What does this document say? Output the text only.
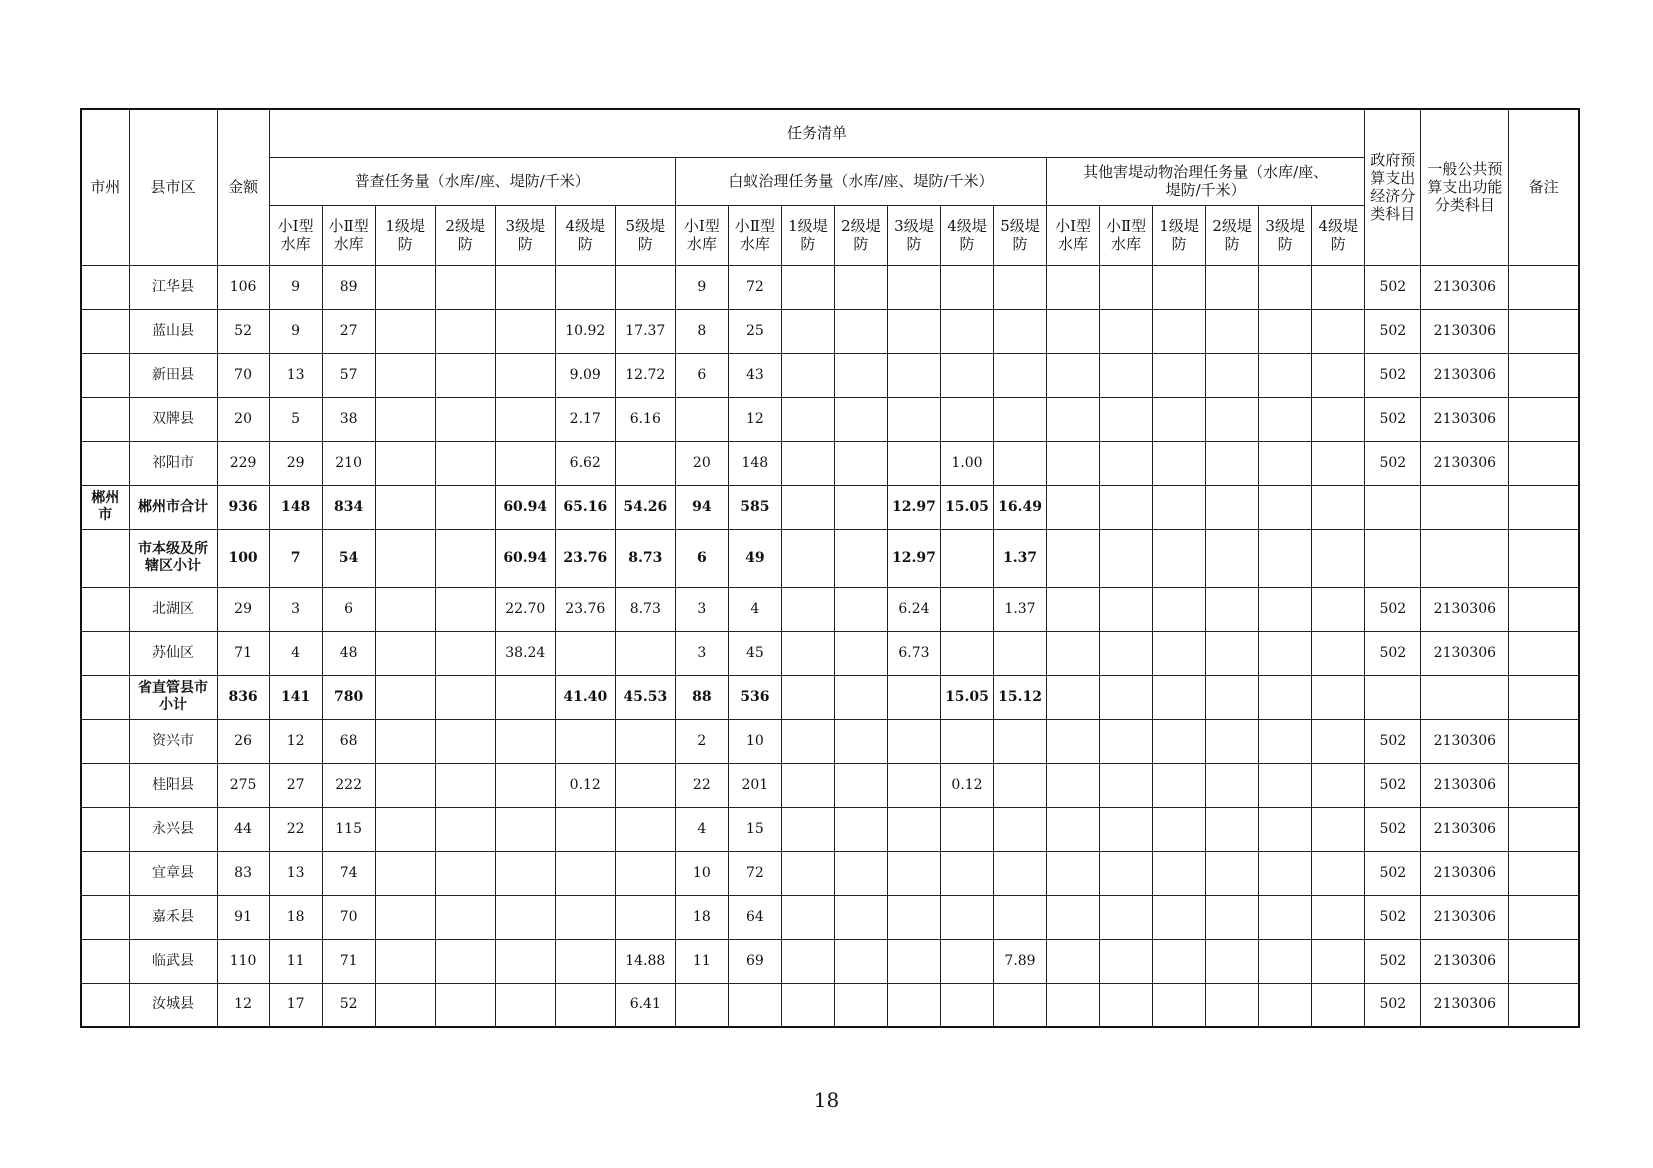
市州	县市区	金额	任务清单																				政府预算支出经济分类科目	一般公共预算支出功能分类科目	备注
			普查任务量（水库/座、堤防/千米）							白蚁治理任务量（水库/座、堤防/千米）							其他害堤动物治理任务量（水库/座、堤防/千米）								
			小Ⅰ型水库	小Ⅱ型水库	1级堤防	2级堤防	3级堤防	4级堤防	5级堤防	小Ⅰ型水库	小Ⅱ型水库	1级堤防	2级堤防	3级堤防	4级堤防	5级堤防	小Ⅰ型水库	小Ⅱ型水库	1级堤防	2级堤防	3级堤防	4级堤防			
	江华县	106	9	89						9	72												502	2130306	
	蓝山县	52	9	27				10.92	17.37	8	25												502	2130306	
	新田县	70	13	57				9.09	12.72	6	43												502	2130306	
	双牌县	20	5	38				2.17	6.16		12												502	2130306	
	祁阳市	229	29	210				6.62		20	148				1.00								502	2130306	
郴州市	郴州市合计	936	148	834			60.94	65.16	54.26	94	585			12.97	15.05	16.49									
	市本级及所辖区小计	100	7	54			60.94	23.76	8.73	6	49			12.97		1.37									
	北湖区	29	3	6			22.70	23.76	8.73	3	4			6.24		1.37							502	2130306	
	苏仙区	71	4	48			38.24			3	45			6.73									502	2130306	
	省直管县市小计	836	141	780				41.40	45.53	88	536				15.05	15.12									
	资兴市	26	12	68						2	10												502	2130306	
	桂阳县	275	27	222				0.12		22	201				0.12								502	2130306	
	永兴县	44	22	115						4	15												502	2130306	
	宜章县	83	13	74						10	72												502	2130306	
	嘉禾县	91	18	70						18	64												502	2130306	
	临武县	110	11	71					14.88	11	69					7.89							502	2130306	
	汝城县	12	17	52					6.41														502	2130306	
18
